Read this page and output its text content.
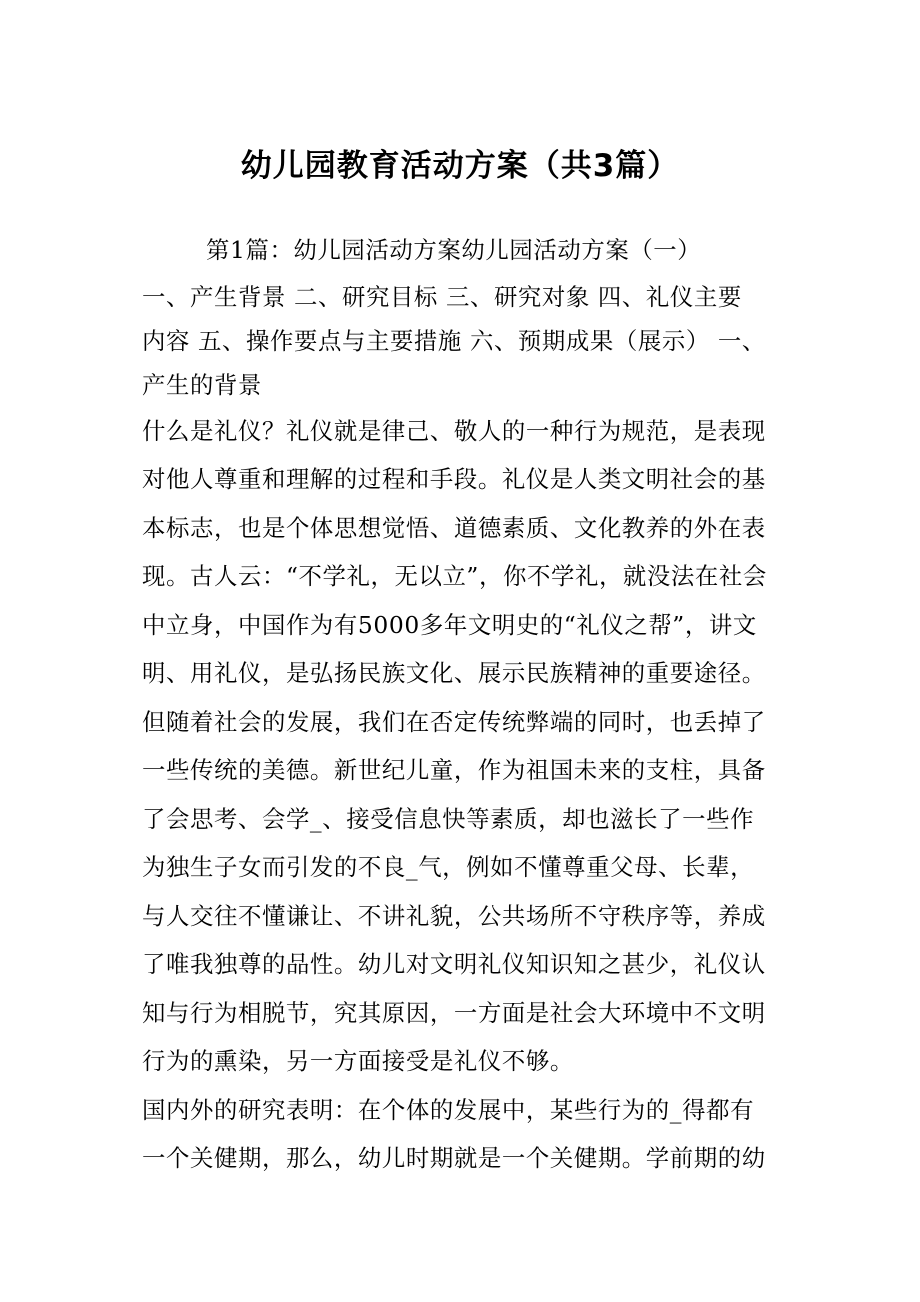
幼儿园教育活动方案（共3篇）
第1篇：幼儿园活动方案幼儿园活动方案（一）
一、产生背景 二、研究目标 三、研究对象 四、礼仪主要
内容 五、操作要点与主要措施 六、预期成果（展示） 一、
产生的背景
什么是礼仪？礼仪就是律己、敬人的一种行为规范，是表现
对他人尊重和理解的过程和手段。礼仪是人类文明社会的基
本标志，也是个体思想觉悟、道德素质、文化教养的外在表
现。古人云：“不学礼，无以立”，你不学礼，就没法在社会
中立身，中国作为有5000多年文明史的“礼仪之帮”，讲文
明、用礼仪，是弘扬民族文化、展示民族精神的重要途径。
但随着社会的发展，我们在否定传统弊端的同时，也丢掉了
一些传统的美德。新世纪儿童，作为祖国未来的支柱，具备
了会思考、会学_、接受信息快等素质，却也滋长了一些作
为独生子女而引发的不良_气，例如不懂尊重父母、长辈，
与人交往不懂谦让、不讲礼貌，公共场所不守秩序等，养成
了唯我独尊的品性。幼儿对文明礼仪知识知之甚少，礼仪认
知与行为相脱节，究其原因，一方面是社会大环境中不文明
行为的熏染，另一方面接受是礼仪不够。
国内外的研究表明：在个体的发展中，某些行为的_得都有
一个关健期，那么，幼儿时期就是一个关健期。学前期的幼
